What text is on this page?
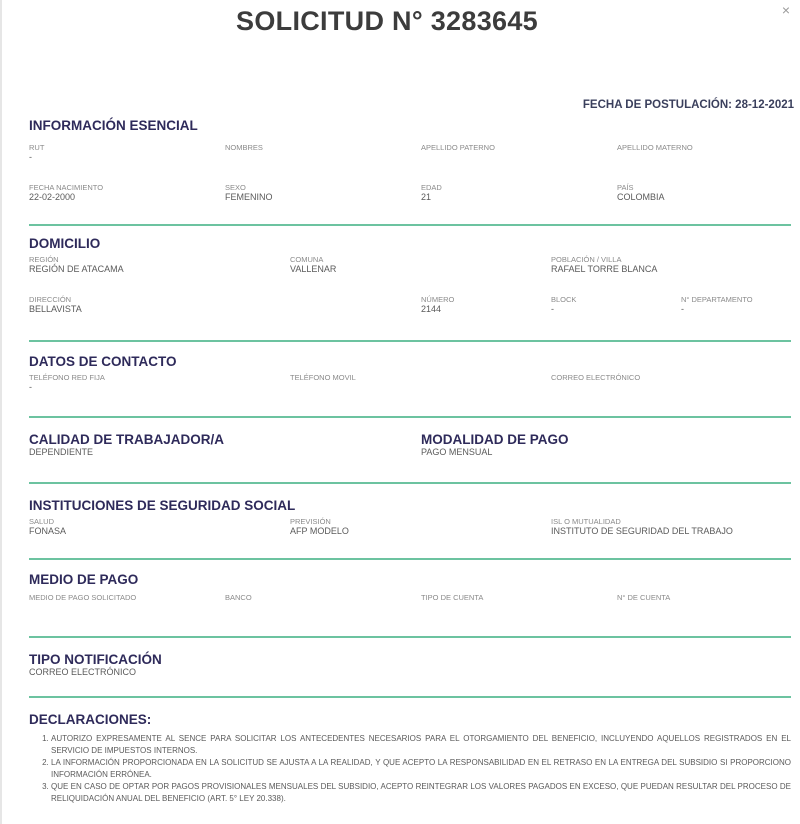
×
SOLICITUD N° 3283645
FECHA DE POSTULACIÓN: 28-12-2021
INFORMACIÓN ESENCIAL
RUT
-
NOMBRES	APELLIDO PATERNO	APELLIDO MATERNO
FECHA NACIMIENTO
22-02-2000
SEXO
FEMENINO
EDAD
21
PAÍS
COLOMBIA
DOMICILIO
REGIÓN
REGIÓN DE ATACAMA
COMUNA
VALLENAR
POBLACIÓN / VILLA
RAFAEL TORRE BLANCA
DIRECCIÓN
BELLAVISTA
NÚMERO
2144
BLOCK
-
N° DEPARTAMENTO
-
DATOS DE CONTACTO
TELÉFONO RED FIJA
-
TELÉFONO MOVIL	CORREO ELECTRÓNICO
CALIDAD DE TRABAJADOR/A
DEPENDIENTE
MODALIDAD DE PAGO
PAGO MENSUAL
INSTITUCIONES DE SEGURIDAD SOCIAL
SALUD
FONASA
PREVISIÓN
AFP MODELO
ISL O MUTUALIDAD
INSTITUTO DE SEGURIDAD DEL TRABAJO
MEDIO DE PAGO
MEDIO DE PAGO SOLICITADO	BANCO	TIPO DE CUENTA	N° DE CUENTA
TIPO NOTIFICACIÓN
CORREO ELECTRÓNICO
DECLARACIONES:
1. AUTORIZO EXPRESAMENTE AL SENCE PARA SOLICITAR LOS ANTECEDENTES NECESARIOS PARA EL OTORGAMIENTO DEL BENEFICIO, INCLUYENDO AQUELLOS REGISTRADOS EN EL SERVICIO DE IMPUESTOS INTERNOS.
2. LA INFORMACIÓN PROPORCIONADA EN LA SOLICITUD SE AJUSTA A LA REALIDAD, Y QUE ACEPTO LA RESPONSABILIDAD EN EL RETRASO EN LA ENTREGA DEL SUBSIDIO SI PROPORCIONO INFORMACIÓN ERRÓNEA.
3. QUE EN CASO DE OPTAR POR PAGOS PROVISIONALES MENSUALES DEL SUBSIDIO, ACEPTO REINTEGRAR LOS VALORES PAGADOS EN EXCESO, QUE PUEDAN RESULTAR DEL PROCESO DE RELIQUIDACIÓN ANUAL DEL BENEFICIO (ART. 5° LEY 20.338).
